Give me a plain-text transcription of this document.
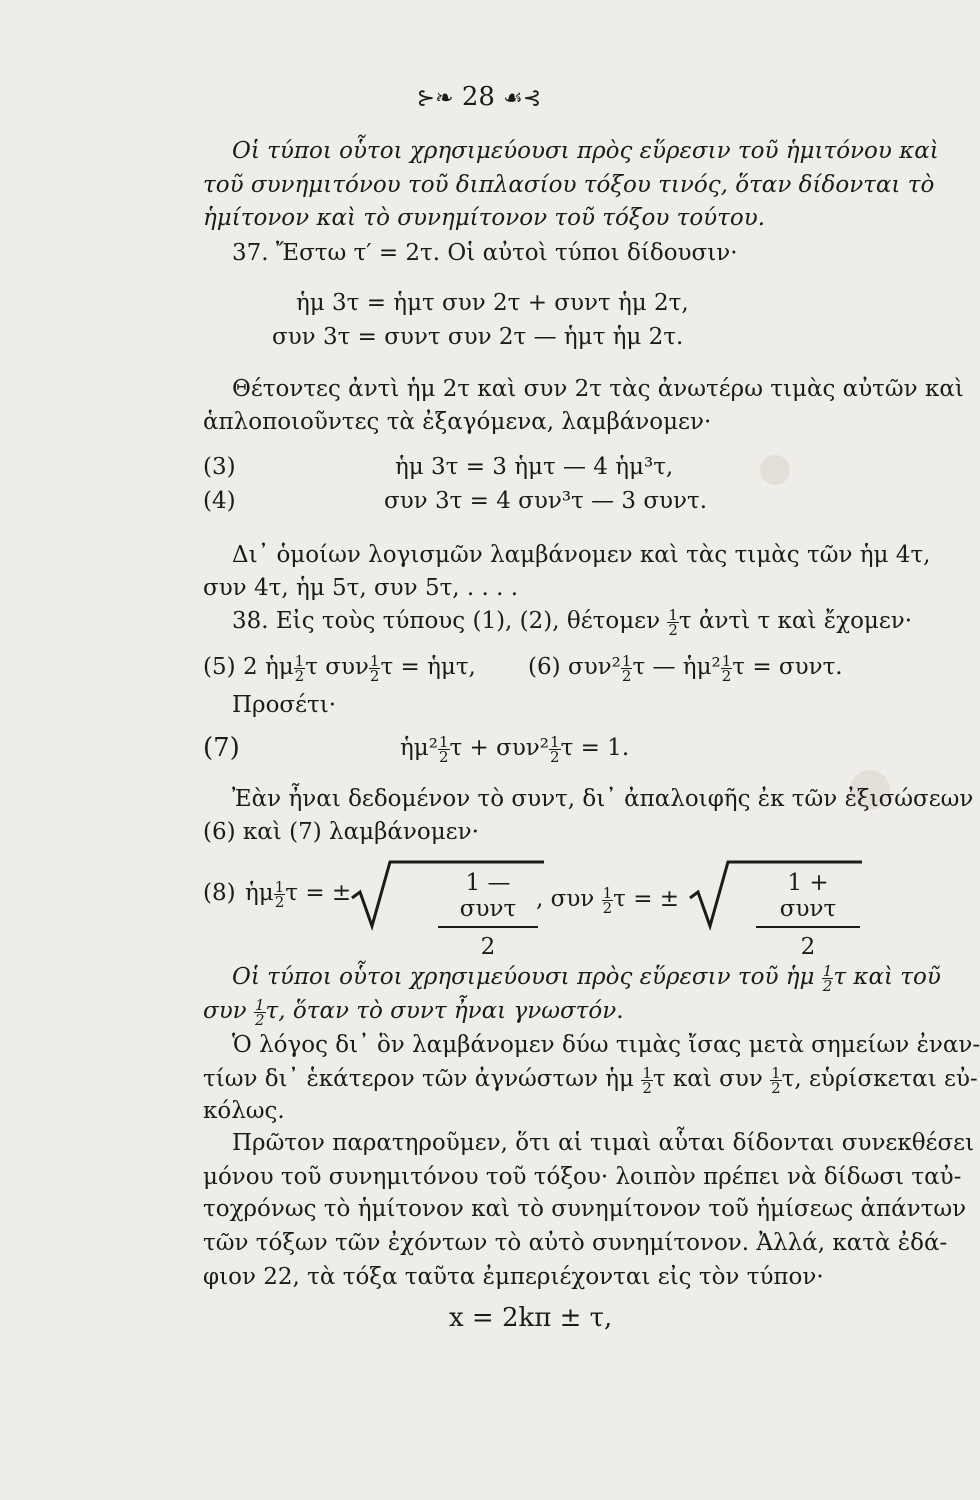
⊱❧ 28 ☙⊰
Οἱ τύποι οὗτοι χρησιμεύουσι πρὸς εὕρεσιν τοῦ ἡμιτόνου καὶ
τοῦ συνημιτόνου τοῦ διπλασίου τόξου τινός, ὅταν δίδονται τὸ
ἡμίτονον καὶ τὸ συνημίτονον τοῦ τόξου τούτου.
37. Ἔστω τ′ = 2τ. Οἱ αὐτοὶ τύποι δίδουσιν·
ἡμ 3τ = ἡμτ συν 2τ + συντ ἡμ 2τ,
συν 3τ = συντ συν 2τ — ἡμτ ἡμ 2τ.
Θέτοντες ἀντὶ ἡμ 2τ καὶ συν 2τ τὰς ἀνωτέρω τιμὰς αὐτῶν καὶ
ἁπλοποιοῦντες τὰ ἐξαγόμενα, λαμβάνομεν·
(3)	ἡμ 3τ = 3 ἡμτ — 4 ἡμ³τ,
(4)	συν 3τ = 4 συν³τ — 3 συντ.
Δι᾽ ὁμοίων λογισμῶν λαμβάνομεν καὶ τὰς τιμὰς τῶν ἡμ 4τ,
συν 4τ, ἡμ 5τ, συν 5τ, . . . .
38. Εἰς τοὺς τύπους (1), (2), θέτομεν $\frac{1}{2}$ τ ἀντὶ τ καὶ ἔχομεν·
(5) 2 ἡμ $\frac{1}{2}$ τ συν $\frac{1}{2}$ τ = ἡμτ, (6) $\sigma\upsilon\nu^2 \frac{1}{2}$ τ — ἡμ² $\frac{1}{2}$ τ = συντ.
Προσέτι·
(7)	ἡμ² $\frac{1}{2}$ $\tau + \sigma\upsilon\nu^2 \frac{1}{2}$ τ = 1.
Ἐὰν ἦναι δεδομένον τὸ συντ, δι᾽ ἀπαλοιφῆς ἐκ τῶν ἐξισώσεων
(6) καὶ (7) λαμβάνομεν·
(8) ἡμ $\frac{1}{2}$ τ = ±	1 — συντ
2
, συν $\frac{1}{2}$ τ = ±
1 + συντ
2
Οἱ τύποι οὗτοι χρησιμεύουσι πρὸς εὕρεσιν τοῦ ἡμ $\frac{1}{2}$ τ καὶ τοῦ
συν $\frac{1}{2} \tau$, ὅταν τὸ συντ ἦναι γνωστόν.
Ὁ λόγος δι᾽ ὃν λαμβάνομεν δύω τιμὰς ἴσας μετὰ σημείων ἐναν-
τίων δι᾽ ἑκάτερον τῶν ἀγνώστων ἡμ $\frac{1}{2}$ τ καὶ συν $\frac{1}{2} \tau$, εὑρίσκεται εὐ-
κόλως.
Πρῶτον παρατηροῦμεν, ὅτι αἱ τιμαὶ αὗται δίδονται συνεκθέσει
μόνου τοῦ συνημιτόνου τοῦ τόξου· λοιπὸν πρέπει νὰ δίδωσι ταὐ-
τοχρόνως τὸ ἡμίτονον καὶ τὸ συνημίτονον τοῦ ἡμίσεως ἁπάντων
τῶν τόξων τῶν ἐχόντων τὸ αὐτὸ συνημίτονον. Ἀλλά, κατὰ ἐδά-
φιον 22, τὰ τόξα ταῦτα ἐμπεριέχονται εἰς τὸν τύπον·
x = 2kπ ± τ,
